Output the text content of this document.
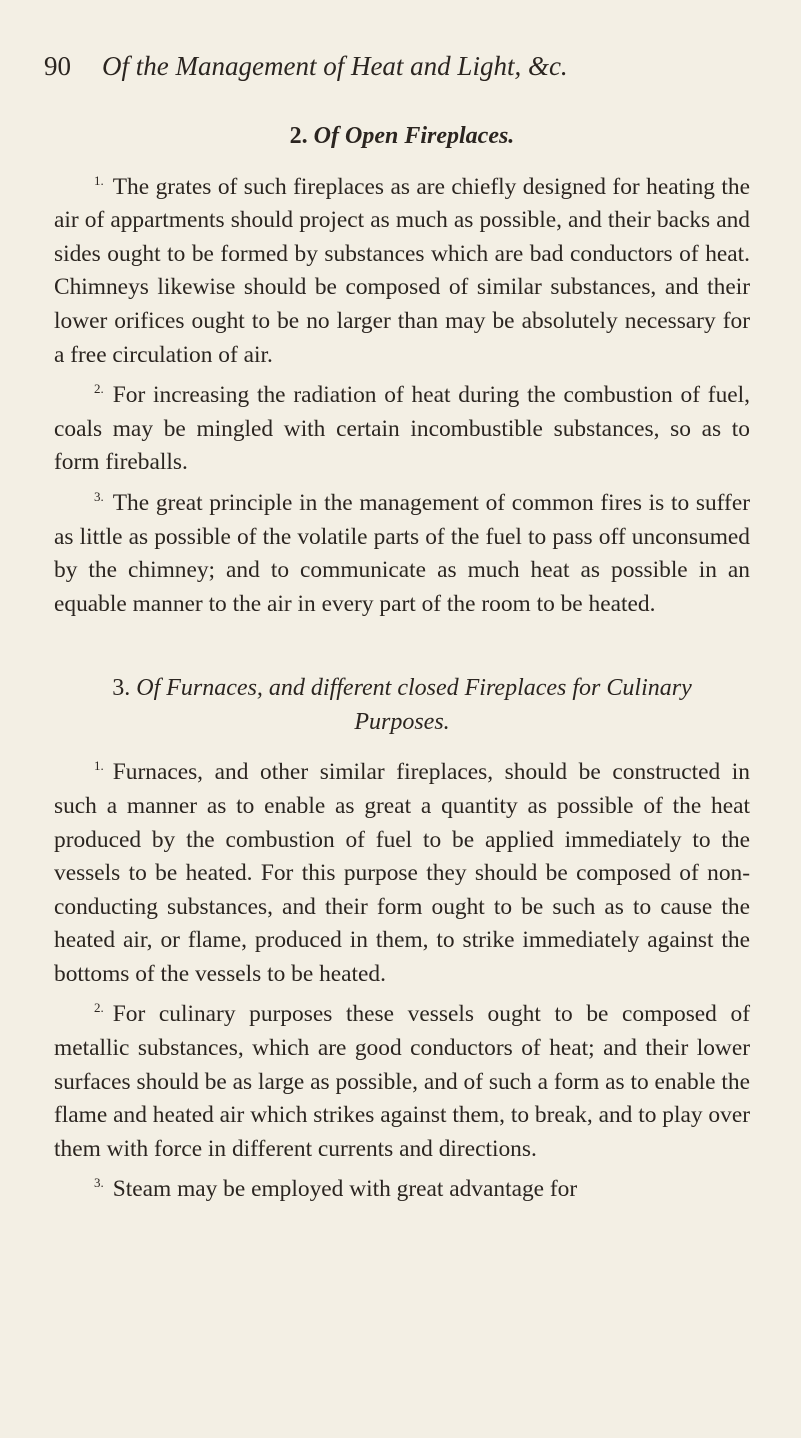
90 Of the Management of Heat and Light, &c.
2. Of Open Fireplaces.

$^{1.}$ The grates of such fireplaces as are chiefly designed for heating the air of appartments should project as much as possible, and their backs and sides ought to be formed by substances which are bad conductors of heat. Chimneys likewise should be composed of similar substances, and their lower orifices ought to be no larger than may be absolutely necessary for a free circulation of air.

$^{2.}$ For increasing the radiation of heat during the combustion of fuel, coals may be mingled with certain incombustible substances, so as to form fireballs.

$^{3.}$ The great principle in the management of common fires is to suffer as little as possible of the volatile parts of the fuel to pass off unconsumed by the chimney; and to communicate as much heat as possible in an equable manner to the air in every part of the room to be heated.

3. Of Furnaces, and different closed Fireplaces for Culinary Purposes.

$^{1.}$ Furnaces, and other similar fireplaces, should be constructed in such a manner as to enable as great a quantity as possible of the heat produced by the combustion of fuel to be applied immediately to the vessels to be heated. For this purpose they should be composed of non-conducting substances, and their form ought to be such as to cause the heated air, or flame, produced in them, to strike immediately against the bottoms of the vessels to be heated.

$^{2.}$ For culinary purposes these vessels ought to be composed of metallic substances, which are good conductors of heat; and their lower surfaces should be as large as possible, and of such a form as to enable the flame and heated air which strikes against them, to break, and to play over them with force in different currents and directions.

$^{3.}$ Steam may be employed with great advantage for
